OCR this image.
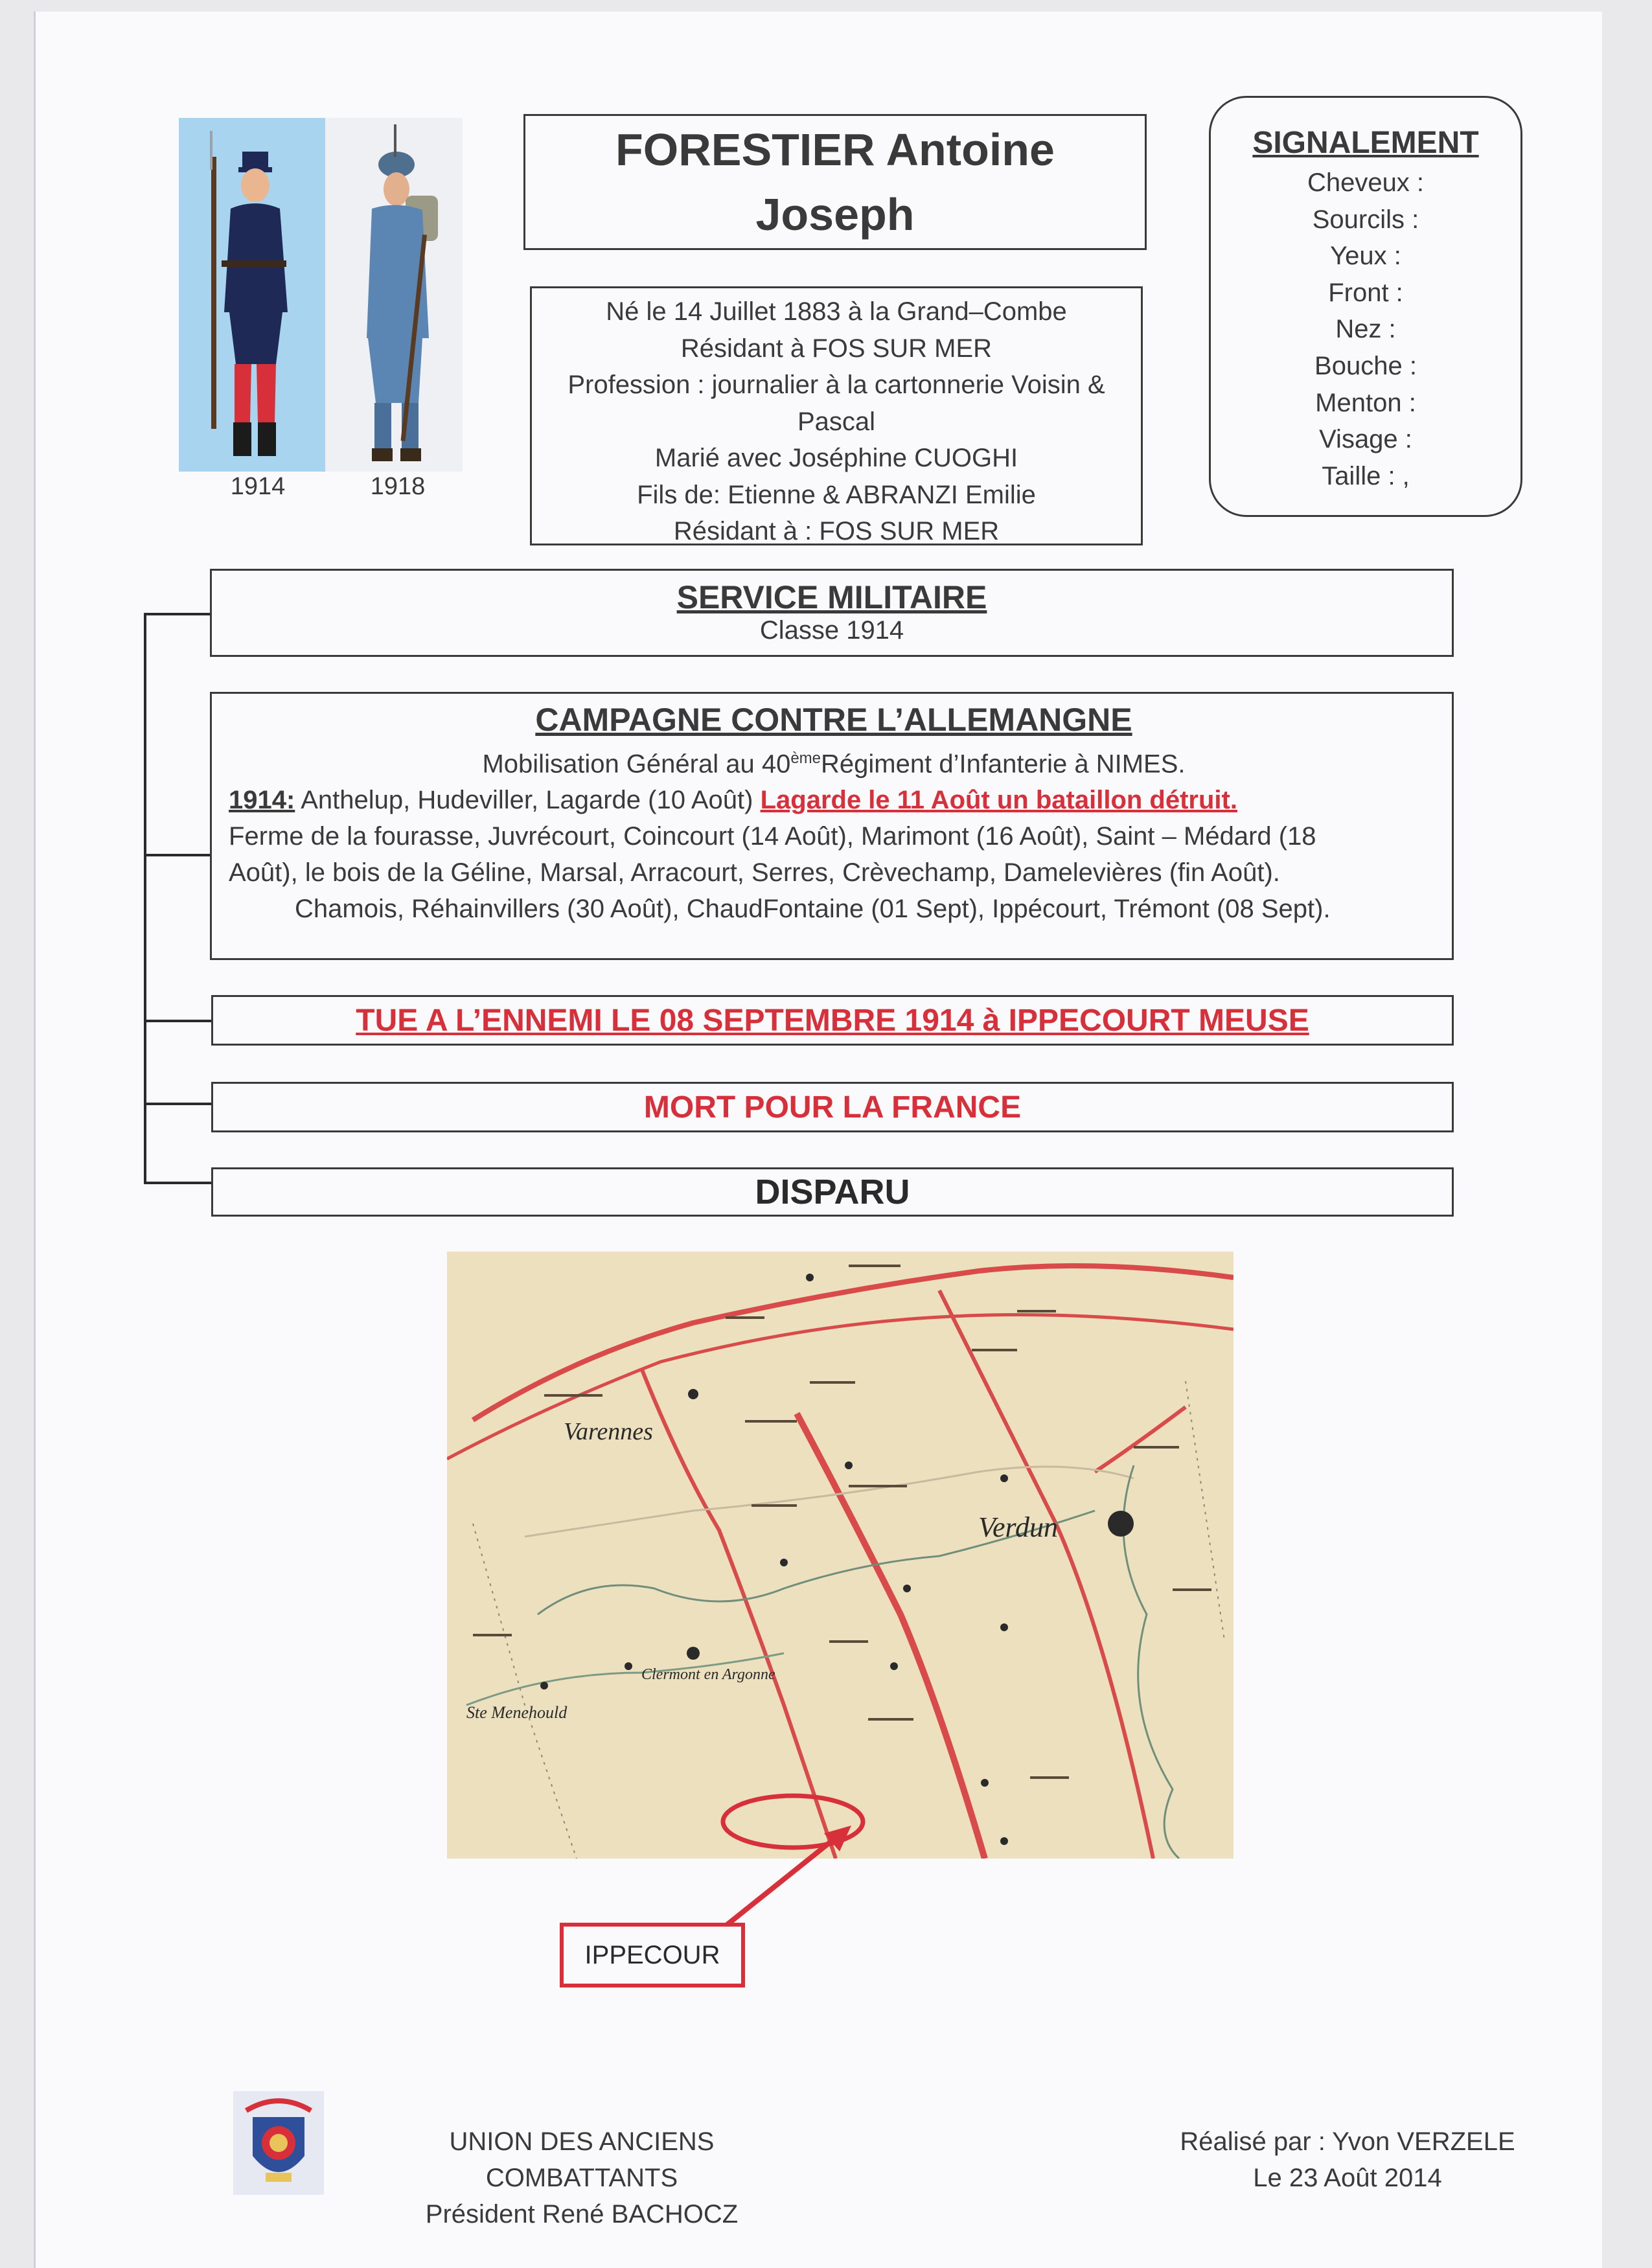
1914	1918
FORESTIER Antoine
Joseph
Né le 14 Juillet 1883 à la Grand–Combe
Résidant à FOS SUR MER
Profession : journalier à la cartonnerie Voisin &
Pascal
Marié avec Joséphine CUOGHI
Fils de: Etienne & ABRANZI Emilie
Résidant à : FOS SUR MER
SIGNALEMENT
Cheveux :
Sourcils :
Yeux :
Front :
Nez :
Bouche :
Menton :
Visage :
Taille : ,
SERVICE MILITAIRE
Classe 1914
CAMPAGNE CONTRE L’ALLEMANGNE
Mobilisation Général au 40èmeRégiment d’Infanterie à NIMES.
1914: Anthelup, Hudeviller, Lagarde (10 Août) Lagarde le 11 Août un bataillon détruit.
Ferme de la fourasse, Juvrécourt, Coincourt (14 Août), Marimont (16 Août), Saint – Médard (18
Août), le bois de la Géline, Marsal, Arracourt, Serres, Crèvechamp, Damelevières (fin Août).
Chamois, Réhainvillers (30 Août), ChaudFontaine (01 Sept), Ippécourt, Trémont (08 Sept).
TUE A L’ENNEMI LE 08 SEPTEMBRE 1914 à IPPECOURT MEUSE
MORT POUR LA FRANCE
DISPARU
Verdun
Varennes
Clermont en Argonne
Ste Menehould
IPPECOUR
UNION DES ANCIENS COMBATTANTS
Président René BACHOCZ
Réalisé par : Yvon VERZELE
Le 23 Août 2014
